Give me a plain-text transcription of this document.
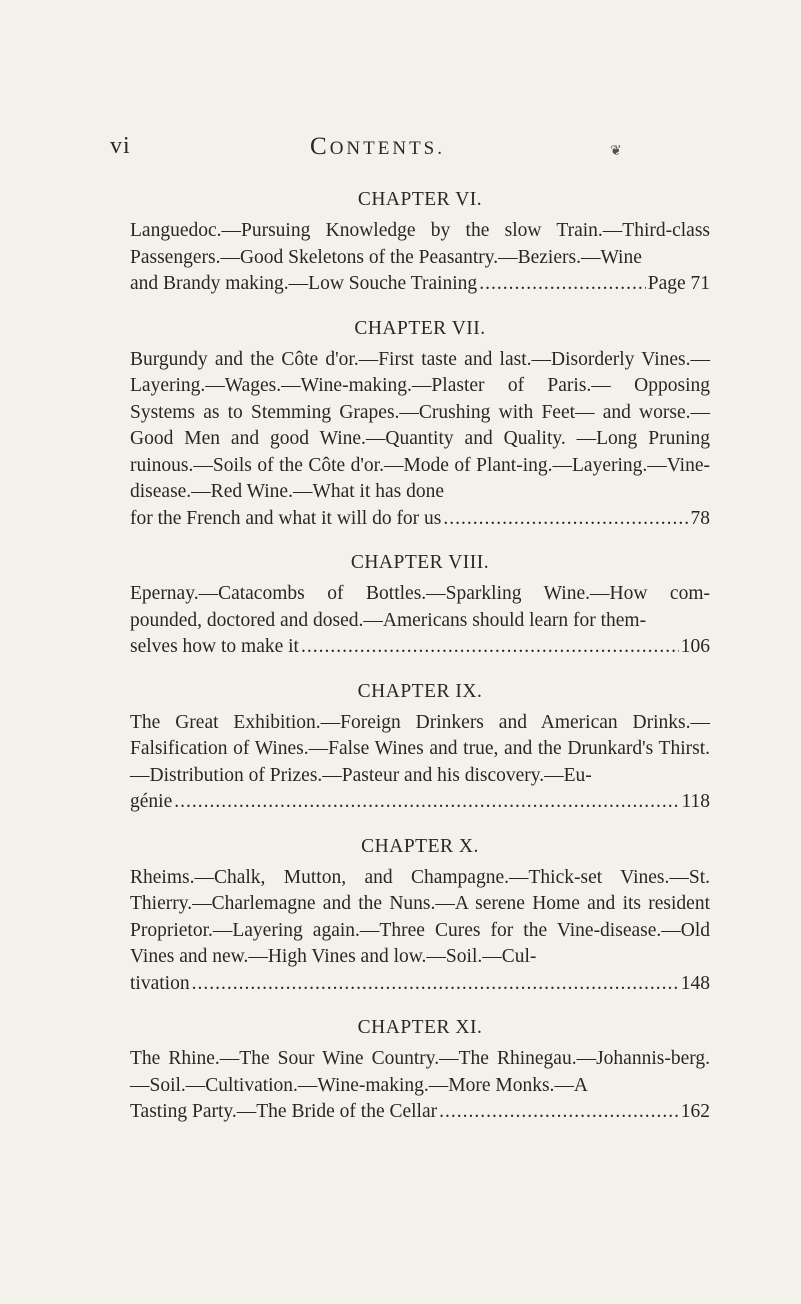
vi	CONTENTS.	❦
CHAPTER VI.

Languedoc.—Pursuing Knowledge by the slow Train.—Third-class Passengers.—Good Skeletons of the Peasantry.—Beziers.—Wine

and Brandy making.—Low Souche Training .....	Page 71
CHAPTER VII.

Burgundy and the Côte d'or.—First taste and last.—Disorderly Vines.—Layering.—Wages.—Wine-making.—Plaster of Paris.— Opposing Systems as to Stemming Grapes.—Crushing with Feet— and worse.—Good Men and good Wine.—Quantity and Quality. —Long Pruning ruinous.—Soils of the Côte d'or.—Mode of Plant-ing.—Layering.—Vine-disease.—Red Wine.—What it has done

for the French and what it will do for us .....	78
CHAPTER VIII.

Epernay.—Catacombs of Bottles.—Sparkling Wine.—How com-pounded, doctored and dosed.—Americans should learn for them-

selves how to make it .....	106
CHAPTER IX.

The Great Exhibition.—Foreign Drinkers and American Drinks.— Falsification of Wines.—False Wines and true, and the Drunkard's Thirst.—Distribution of Prizes.—Pasteur and his discovery.—Eu-

génie .....	118
CHAPTER X.

Rheims.—Chalk, Mutton, and Champagne.—Thick-set Vines.—St. Thierry.—Charlemagne and the Nuns.—A serene Home and its resident Proprietor.—Layering again.—Three Cures for the Vine-disease.—Old Vines and new.—High Vines and low.—Soil.—Cul-

tivation .....	148
CHAPTER XI.

The Rhine.—The Sour Wine Country.—The Rhinegau.—Johannis-berg.—Soil.—Cultivation.—Wine-making.—More Monks.—A

Tasting Party.—The Bride of the Cellar .....	162
